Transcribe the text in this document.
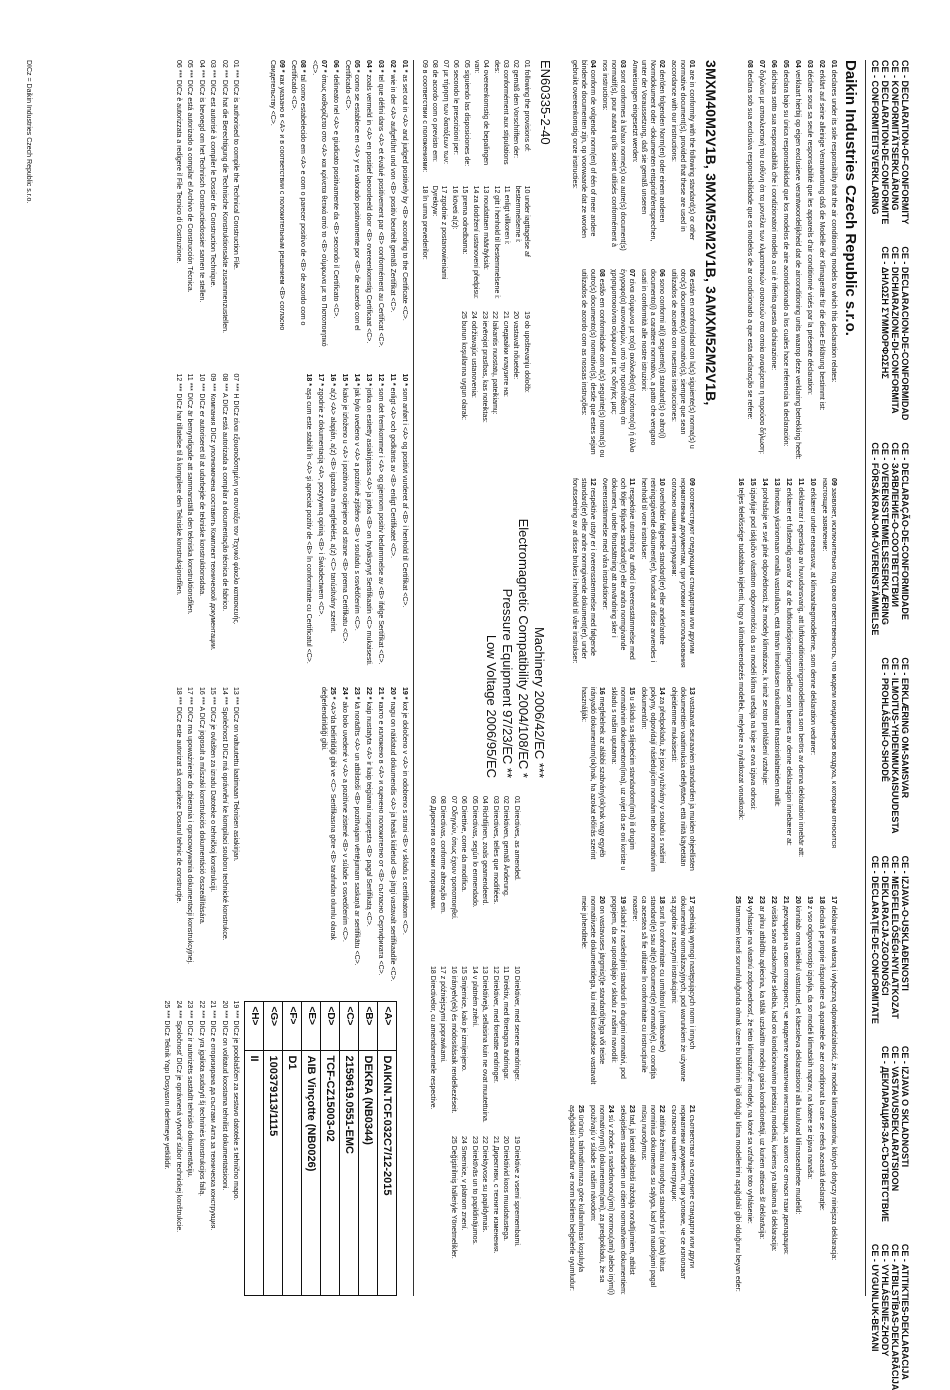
CE - DECLARATION-OF-CONFORMITY
CE - KONFORMITÄTSERKLÄRUNG
CE - DECLARATION-DE-CONFORMITE
CE - CONFORMITEITSVERKLARING
CE - DECLARACION-DE-CONFORMIDAD
CE - DICHIARAZIONE-DI-CONFORMITA
CE - ΔΗΛΩΣΗ ΣΥΜΜΟΡΦΩΣΗΣ
CE - DECLARAÇÃO-DE-CONFORMIDADE
CE - ЗАЯВЛЕНИЕ-О-СООТВЕТСТВИИ
CE - OVERENSSTEMMELSESERKLÆRING
CE - FÖRSÄKRAN-OM-ÖVERENSTÄMMELSE
CE - ERKLÆRING OM-SAMSVAR
CE - ILMOITUS-YHDENMUKAISUUDESTA
CE - PROHLÁŠENÍ-O-SHODĚ
CE - IZJAVA-O-USKLAĐENOSTI
CE - MEGFELELŐSÉGI-NYILATKOZAT
CE - DEKLARACJA-ZGODNOŚCI
CE - DECLARAŢIE-DE-CONFORMITATE
CE - IZJAVA O SKLADNOSTI
CE - VASTAVUSDEKLARATSIOON
CE - ДЕКЛАРАЦИЯ-ЗА-СЪОТВЕТСТВИЕ
CE - ATITIKTIES-DEKLARACIJA
CE - ATBILSTĪBAS-DEKLARĀCIJA
CE - VYHLÁSENIE-ZHODY
CE - UYGUNLUK-BEYANI
Daikin Industries Czech Republic s.r.o.
01declares under its sole responsibility that the air conditioning models to which this declaration relates:
02erklärt auf seine alleinige Verantwortung daß die Modelle der Klimageräte für die diese Erklärung bestimmt ist:
03déclare sous sa seule responsabilité que les appareils d'air conditionné visés par la présente déclaration:
04verklaart hierbij op eigen exclusieve verantwoordelijkheid dat de airconditioning units waarop deze verklaring betrekking heeft:
05declara bajo su única responsabilidad que los modelos de aire acondicionado a los cuales hace referencia la declaración:
06dichiara sotto sua responsabilità che i condizionatori modello a cui è riferita questa dichiarazione:
07δηλώνει με αποκλειστική του ευθύνη ότι τα μοντέλα των κλιματιστικών συσκευών στα οποία αναφέρεται η παρούσα δήλωση:
08declara sob sua exclusiva responsabilidade que os modelos de ar condicionado a que esta declaração se refere:
09заявляет, исключительно под свою ответственность, что модели кондиционеров воздуха, к которым относится настоящее заявление:
10erklærer under eneansvar, at klimaanlægmodellerne, som denne deklaration vedrører:
11deklarerar i egenskap av huvudansvarig, att luftkonditioneringsmodellerna som berörs av denna deklaration innebär att:
12erklærer et fullstendig ansvar for at de luftkondisjoneringsmodeller som berøres av denne deklarasjon innebærer at:
13ilmoittaa yksinomaan omalla vastuullaan, että tämän ilmoituksen tarkoittamat ilmastointilaitteiden mallit:
14prohlašuje ve své plné odpovědnosti, že modely klimatizace, k nimž se toto prohlášení vztahuje:
15izjavljuje pod isključivo vlastitom odgovornošću da su modeli klima uređaja na koje se ova izjava odnosi:
16teljes felelőssége tudatában kijelenti, hogy a klímaberendezés modellek, melyekre a nyilatkozat vonatkozik:
17deklaruje na własną i wyłączną odpowiedzialność, że modele klimatyzatorów, których dotyczy niniejsza deklaracja:
18declară pe proprie răspundere că aparatele de aer condiționat la care se referă această declarație:
19z vso odgovornostjo izjavlja, da so modeli klimatskih naprav, na katere se izjava nanaša:
20kinnitab oma täielikul vastutusel, et käesoleva deklaratsiooni alla kuuluvad kliimaseadmete mudelid:
21декларира на своя отговорност, че моделите климатични инсталации, за които се отнася тази декларация:
22visiška savo atsakomybe skelbia, kad oro kondicionavimo prietaisų modeliai, kuriems yra taikoma ši deklaracija:
23ar pilnu atbildību apliecina, ka tālāk uzskaitīto modeļu gaisa kondicionētāji, uz kuriem attiecas šī deklarācija:
24vyhlasuje na vlastnú zodpovednosť, že tieto klimatizačné modely, na ktoré sa vzťahuje toto vyhlásenie:
25tamamen kendi sorumluluğunda olmak üzere bu bildirinin ilgili olduğu klima modellerinin aşağıdaki gibi olduğunu beyan eder:
3MXM40M2V1B, 3MXM52M2V1B, 3AMXM52M2V1B,
01are in conformity with the following standard(s) or other normative document(s), provided that these are used in accordance with our instructions:
02der/den folgenden Norm(en) oder einem anderen Normdokument oder -dokumenten entspricht/entsprechen, unter der Voraussetzung, daß sie gemäß unseren Anweisungen eingesetzt werden:
03sont conformes à la/aux norme(s) ou autre(s) document(s) normatif(s), pour autant qu'ils soient utilisés conformément à nos instructions:
04conform de volgende norm(en) of één of meer andere bindende documenten zijn, op voorwaarde dat ze worden gebruikt overeenkomstig onze instructies:
05están en conformidad con la(s) siguiente(s) norma(s) u otro(s) documento(s) normativo(s), siempre que sean utilizados de acuerdo con nuestras instrucciones:
06sono conformi al(i) seguente(i) standard(s) o altro(i) documento(i) a carattere normativo, a patto che vengano usati in conformità alle nostre istruzioni:
07είναι σύμφωνα με το(α) ακόλουθο(α) πρότυπο(α) ή άλλο έγγραφο(α) κανονισμών, υπό την προϋπόθεση ότι χρησιμοποιούνται σύμφωνα με τις οδηγίες μας:
08estão em conformidade com a(s) seguinte(s) norma(s) ou outro(s) documento(s) normativo(s), desde que estes sejam utilizados de acordo com as nossas instruções:
09соответствуют следующим стандартам или другим нормативным документам, при условии их использования согласно нашим инструкциям:
10overholder følgende standard(er) eller andet/andre retningsgivende dokument(er), forudsat at disse anvendes i henhold til vore instrukser:
11respektive utrustning är utförd i överensstämmelse med och följer följande standard(er) eller andra normgivande dokument, under förutsättning att användning sker i överensstämmelse med våra instruktioner:
12respektive utstyr er i overensstemmelse med følgende standard(er) eller andre normgivende dokument(er), under forutssetning av at disse brukes i henhold til våre instrukser:
13vastaavat seuraavien standardien ja muiden ohjeellisten dokumenttien vaatimuksia edellyttäen, että niitä käytetään ohjeidemme mukaisesti:
14za předpokladu, že jsou využívány v souladu s našimi pokyny, odpovídají následujícím normám nebo normativním dokumentům:
15u skladu sa slijedećim standardom(ima) ili drugim normativnim dokumentom(ima), uz uvjet da se oni koriste u skladu s našim uputama:
16megfelelnek az alábbi szabvány(ok)nak vagy egyéb irányadó dokumentum(ok)nak, ha azokat előírás szerint használják:
17spełniają wymogi następujących norm i innych dokumentów normalizacyjnych, pod warunkiem że używane są zgodnie z naszymi instrukcjami:
18sunt în conformitate cu următorul (următoarele) standard(e) sau alt(e) document(e) normativ(e), cu condiţia ca acestea să fie utilizate în conformitate cu instrucţiunile noastre:
19skladni z naslednjimi standardi in drugimi normativi, pod pogojem, da se uporabljajo v skladu z našimi navodili:
20on vastavuses järgmis(t)e standardi(te)ga või teiste normatiivsete dokumentidega, kui neid kasutatakse vastavalt meie juhenditele:
21съответстват на следните стандарти или други нормативни документи, при условие, че се използват съгласно нашите инструкции:
22atitinka žemiau nurodytus standartus ir (arba) kitus norminius dokumentus su sąlyga, kad yra naudojami pagal mūsų nurodymus:
23tad, ja lietoti atbilstoši ražotāja norādījumiem, atbilst sekojošiem standartiem un citiem normatīviem dokumentiem:
24sú v zhode s nasledovnou(ými) normou(ami) alebo iným(i) normatívnym(i) dokumentom(ami), za predpokladu, že sa používajú v súlade s našim návodom:
25ürünün, talimatlarımıza göre kullanılması koşuluyla aşağıdaki standartlar ve norm belirten belgelerle uyumludur:
EN60335-2-40
01 following the provisions of:
02 gemäß den Vorschriften der:
03 conformément aux stipulations des:
04 overeenkomstig de bepalingen van:
05 siguiendo las disposiciones de:
06 secondo le prescrizioni per:
07 με τήρηση των διατάξεων των:
08 de acordo com o previsto em:
09 в соответствии с положениями:
10 under iagttagelse af bestemmelserne i:
11 enligt villkoren i:
12 gitt i henhold til bestemmelsene i:
13 noudattaen määräyksiä:
14 za dodržení ustanovení předpisu:
15 prema odredbama:
16 követi a(z):
17 zgodnie z postanowieniami Dyrektyw:
18 în urma prevederilor:
19 ob upoštevanju določb:
20 vastavalt nõuetele:
21 следвайки клаузите на:
22 laikantis nuostatų, pateikiamų:
23 ievērojot prasības, kas noteiktas:
24 održiavajúc ustanovenia:
25 bunun koşullarına uygun olarak:
Machinery 2006/42/EC ***
Electromagnetic Compatibility 2004/108/EC *
Pressure Equipment 97/23/EC **
Low Voltage 2006/95/EC
01 Directives, as amended.
02 Direktiven, gemäß Änderung.
03 Directives, telles que modifiées.
04 Richtlijnen, zoals geamendeerd.
05 Directivas, según lo enmendado.
06 Direttive, come da modifica.
07 Οδηγιών, όπως έχουν τροποποιηθεί.
08 Directivas, conforme alteração em.
09 Директив со всеми поправками.
10 Direktiver, med senere ændringer.
11 Direktiv, med företagna ändringar.
12 Direktiver, med foretatte endringer.
13 Direktiivejä, sellaisina kuin ne ovat muutettuina.
14 v platném znění.
15 Smjernice, kako je izmijenjeno.
16 irányelv(ek) és módosításaik rendelkezéseit.
17 z późniejszymi poprawkami.
18 Directivelor, cu amendamentele respective.
19 Direktive z vsemi spremembami.
20 Direktiivid koos muudatustega.
21 Директиви, с техните изменения.
22 Direktyvose su papildymais.
23 Direktīvās un to papildinājumos.
24 Smernice, v platnom znení.
25 Değiştirilmiş halleriyle Yönetmelikler.
01 *as set out in <A> and judged positively by <B> according to the Certificate <C>.
02 *wie in der <A> aufgeführt und von <B> positiv beurteilt gemäß Zertifikat <C>.
03 *tel que défini dans <A> et évalué positivement par <B> conformément au Certificat <C>.
04 *zoals vermeld in <A> en positief beoordeeld door <B> overeenkomstig Certificaat <C>.
05 *como se establece en <A> y es valorado positivamente por <B> de acuerdo con el Certificado <C>.
06 *delineato nel <A> e giudicato positivamente da <B> secondo il Certificato <C>.
07 *όπως καθορίζεται στο <A> και κρίνεται θετικά από το <B> σύμφωνα με το Πιστοποιητικό <C>.
08 *tal como estabelecido em <A> e com o parecer positivo de <B> de acordo com o Certificado <C>.
09 *как указано в <A> и в соответствии с положительным решением <B> согласно Свидетельству <C>.
10 *som anført i <A> og positivt vurderet af <B> i henhold til Certifikat <C>.
11 *enligt <A> och godkänts av <B> enligt Certifikatet <C>.
12 *som det fremkommer i <A> og gjennom positiv bedømmelse av <B> ifølge Sertifikat <C>.
13 *jotka on esitetty asiakirjassa <A> ja jotka <B> on hyväksynyt Sertifikaatin <C> mukaisesti.
14 *jak bylo uvedeno v <A> a pozitivně zjištěno <B> v souladu s osvědčením <C>.
15 *kako je izloženo u <A> i pozitivno ocijenjeno od strane <B> prema Certifikatu <C>.
16 *a(z) <A> alapján, a(z) <B> igazolta a megfelelést, a(z) <C> tanúsítvány szerint.
17 *zgodnie z dokumentacją <A>, pozytywną opinią <B> i Świadectwem <C>.
18 *aşa cum este stabilit în <A> şi apreciat pozitiv de <B> în conformitate cu Certificatul <C>.
19 *kot je določeno v <A> in odobreno s strani <B> v skladu s certifikatom <C>.
20 *nagu on näidatud dokumendis <A> ja heaks kiidetud <B> järgi vastavalt sertifikaadile <C>.
21 *както е изложено в <A> и оценено положително от <B> съгласно Сертификата <C>.
22 *kaip nustatyta <A> ir kaip teigiamai nuspręsta <B> pagal Sertifikatą <C>.
23 *kā norādīts <A> un atbilstoši <B> pozitīvajam vērtējumam saskaņā ar sertifikātu <C>.
24 *ako bolo uvedené v <A> a pozitívne zistené <B> v súlade s osvedčením <C>.
25 *<A>'da belirtildiği gibi ve <C> Sertifikasına göre <B> tarafından olumlu olarak değerlendirildiği gibi.
<A>	DAIKIN.TCF.032C7/12-2015
<B>	DEKRA (NB0344)
<C>	2159619.0551-EMC
<D>	TCF-CZ15003-02
<E>	AIB Vinçotte (NB0026)
<F>	D1
<G>	100379113/1115
<H>	II
01 *** DICz is authorised to compile the Technical Construction File.
02 *** DICz hat die Berechtigung die Technische Konstruktionsakte zusammenzustellen.
03 *** DICz est autorisé à compiler le Dossier de Construction Technique.
04 *** DICz is bevoegd om het Technisch Constructiedossier samen te stellen.
05 *** DICz está autorizado a compilar el Archivo de Construcción Técnica.
06 *** DICz è autorizzata a redigere il File Tecnico di Costruzione.
07 *** Η DICz είναι εξουσιοδοτημένη να συντάξει τον Τεχνικό φάκελο κατασκευής.
08 *** A DICz está autorizada a compilar a documentação técnica de fabrico.
09 *** Компания DICz уполномочена составить Комплект технической документации.
10 *** DICz er autoriseret til at udarbejde de tekniske konstruktionsdata.
11 *** DICz är bemyndigade att sammanställa den tekniska konstruktionsfilen.
12 *** DICz har tillatelse til å kompilere den Tekniske konstruksjonsfilen.
13 *** DICz on valtuutettu laatimaan Teknisen asiakirjan.
14 *** Společnost DICz má oprávnění ke kompilaci souboru technické konstrukce.
15 *** DICz je ovlašten za izradu Datoteke o tehničkoj konstrukciji.
16 *** A DICz jogosult a műszaki konstrukciós dokumentáció összeállítására.
17 *** DICz ma upoważnienie do zbierania i opracowywania dokumentacji konstrukcyjnej.
18 *** DICz este autorizat să compileze Dosarul tehnic de construcţie.
19 *** DICz je pooblaščen za sestavo datoteke s tehnično mapo.
20 *** DICz on volitatud koostama tehnilist dokumentatsiooni.
21 *** DICz е оторизирана да състави Акта за техническа конструкция.
22 *** DICz yra įgaliota sudaryti šį techninės konstrukcijos failą.
23 *** DICz ir autorizēts sastādīt tehnisko dokumentāciju.
24 *** Spoločnosť DICz je oprávnená vytvoriť súbor technickej konštrukcie.
25 *** DICz Teknik Yapı Dosyasını derlemeye yetkilidir.
DICz = Daikin Industries Czech Republic s.r.o.
